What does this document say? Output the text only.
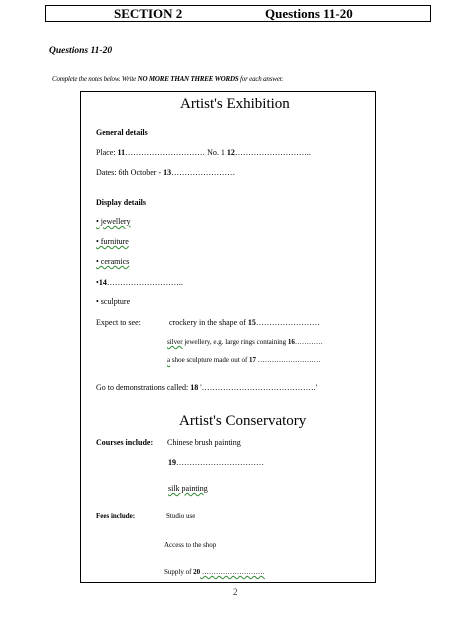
SECTION 2	Questions 11-20
Questions 11-20
Complete the notes below. Write NO MORE THAN THREE WORDS for each answer.
Artist's Exhibition
General details
Place: 11………………………… No. 1 12………………………..
Dates: 6th October - 13……………………
Display details
• jewellery
• furniture
• ceramics
•14………………………..
• sculpture
Expect to see:	crockery in the shape of 15……………………
silver jewellery, e.g. large rings containing 16…………
a shoe sculpture made out of 17 ………………………
Go to demonstrations called: 18 '…………………………………….'
Artist's Conservatory
Courses include: Chinese brush painting
19……………………………
silk painting
Fees include:	Studio use
Access to the shop
Supply of 20 ………………………
2
